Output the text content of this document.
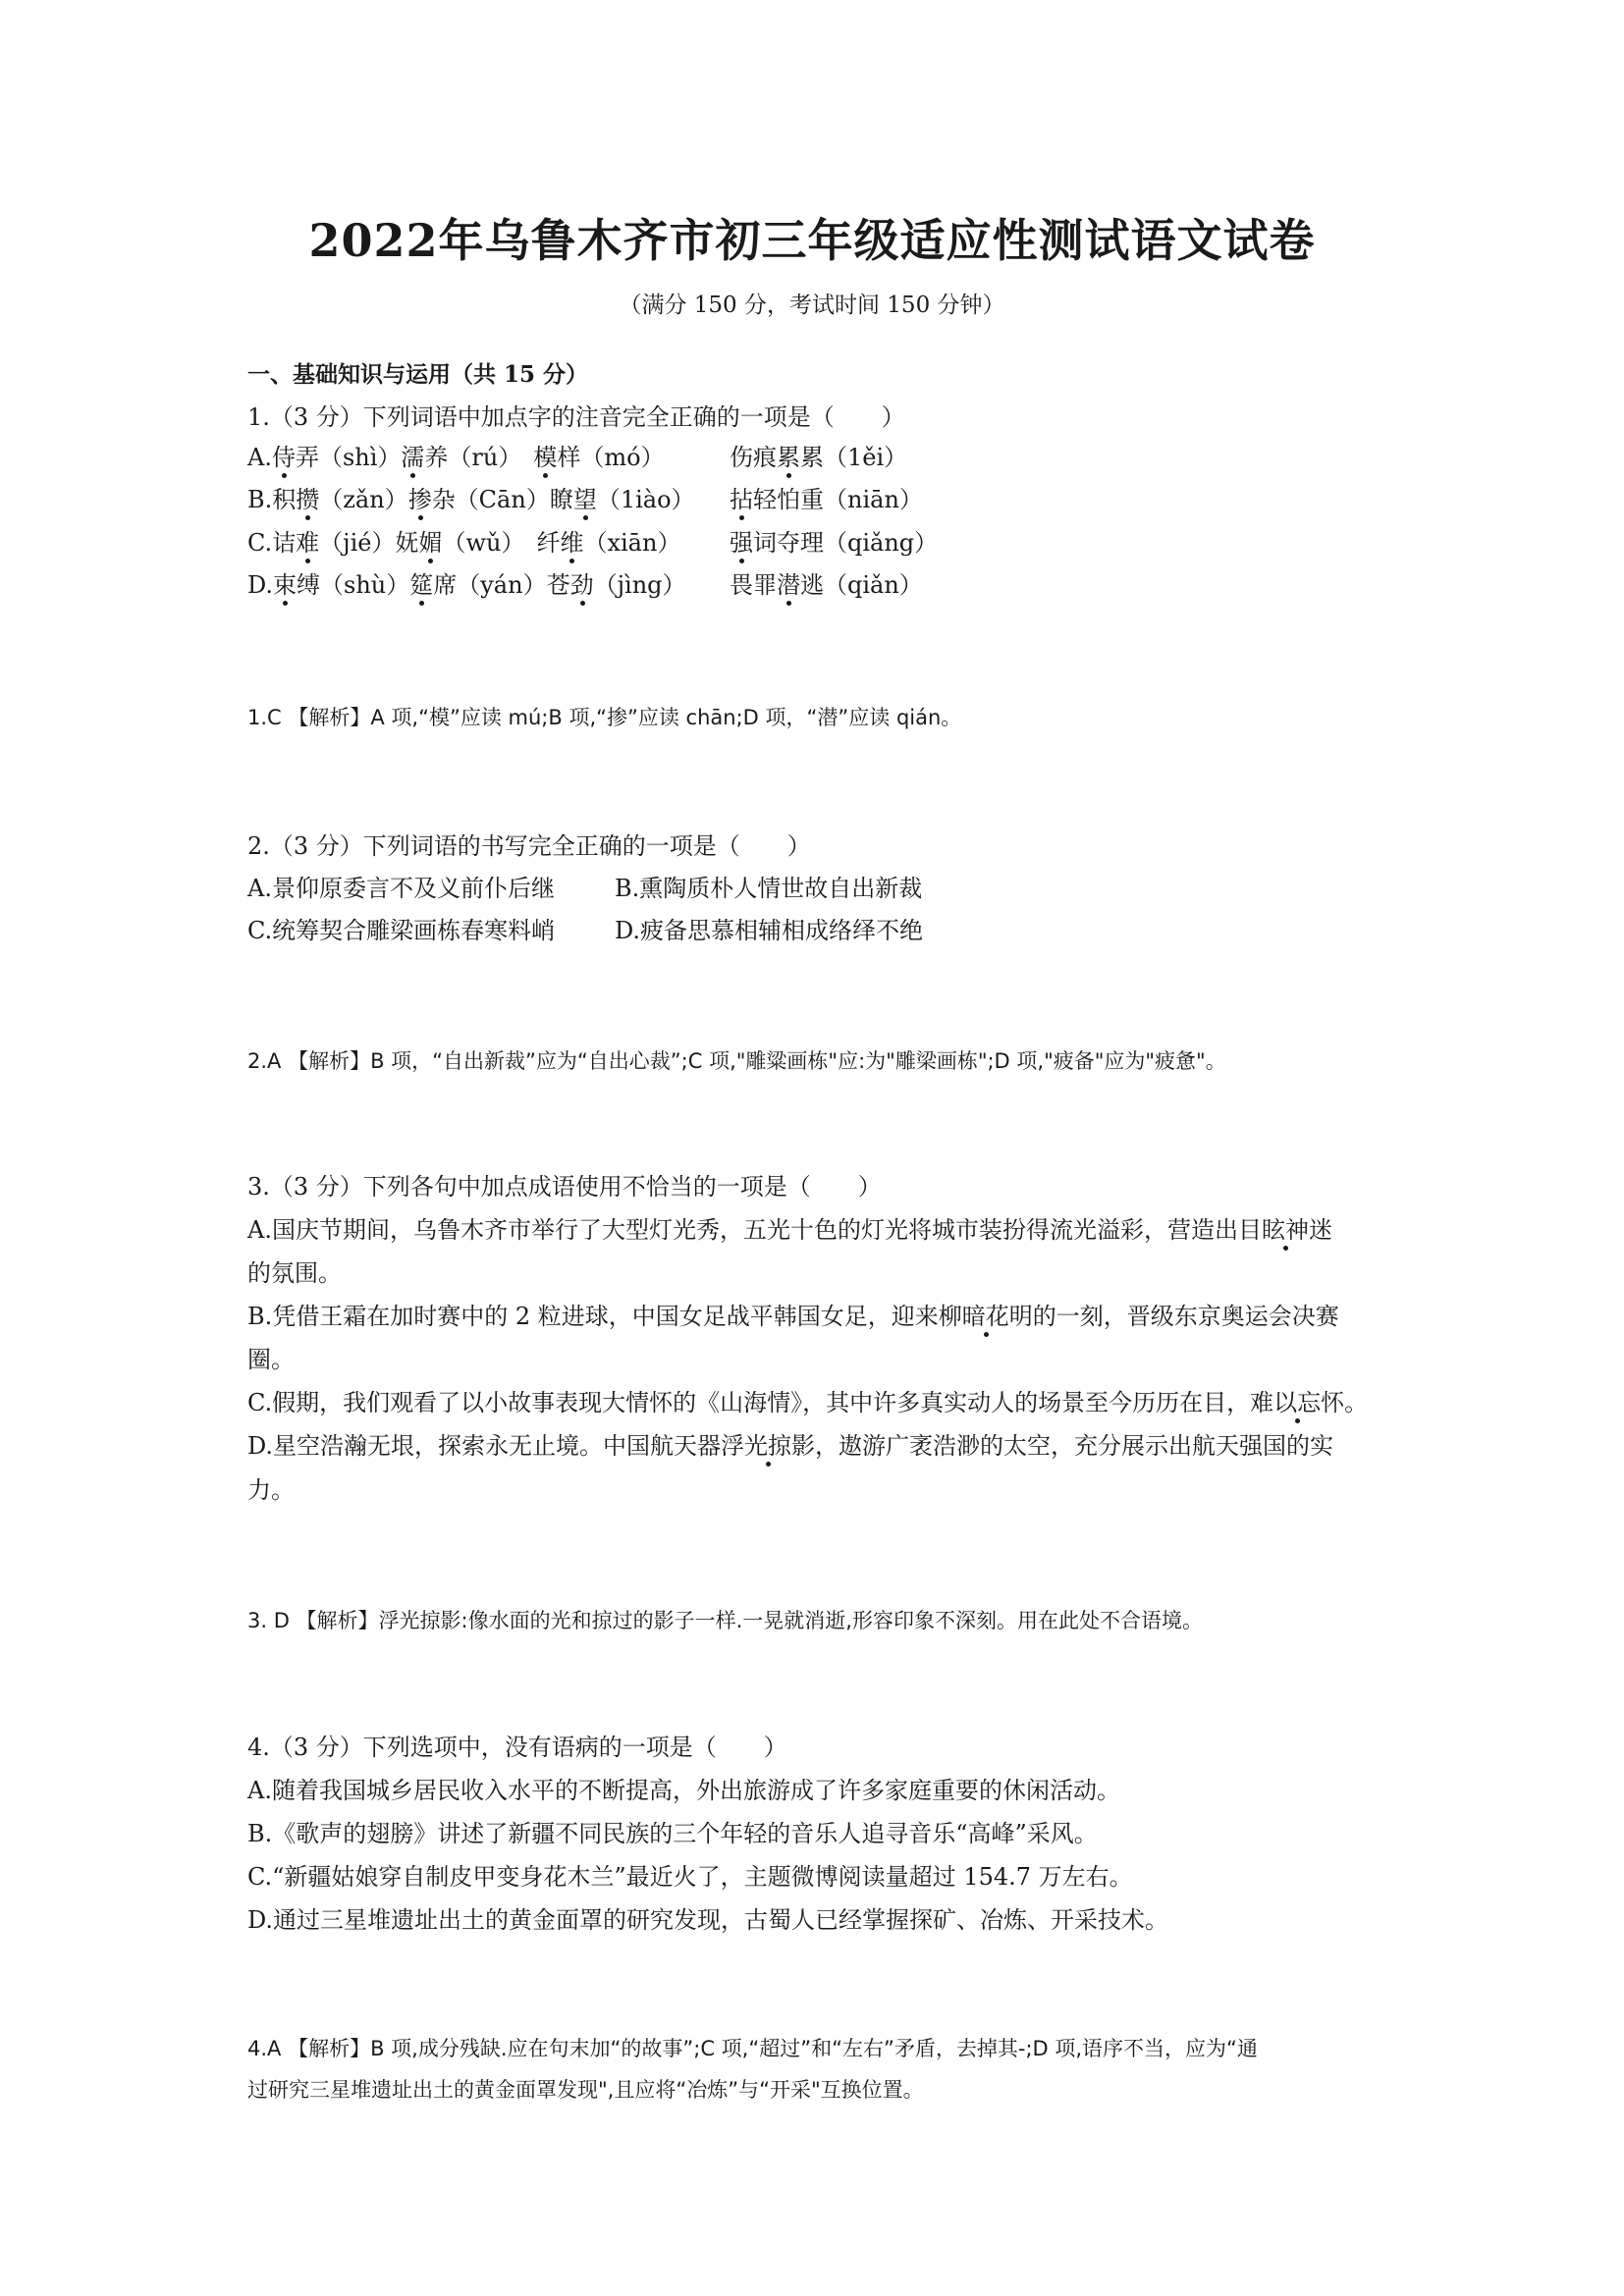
2022年乌鲁木齐市初三年级适应性测试语文试卷
（满分 150 分，考试时间 150 分钟）
一、基础知识与运用（共 15 分）
1.（3 分）下列词语中加点字的注音完全正确的一项是（　　）
A.侍弄（shì）濡养（rú）　模样（mó）	伤痕累累（1ěi）
B.积攒（zǎn）掺杂（Cān）瞭望（1iào） 拈轻怕重（niān）
C.诘难（jié）妩媚（wǔ）　纤维（xiān） 强词夺理（qiǎng）
D.束缚（shù）筵席（yán）苍劲（jìng） 畏罪潜逃（qiǎn）
1.C 【解析】A 项,“模”应读 mú;B 项,“掺”应读 chān;D 项，“潜”应读 qián。
2.（3 分）下列词语的书写完全正确的一项是（　　）
A.景仰原委言不及义前仆后继	B.熏陶质朴人情世故自出新裁
C.统筹契合雕梁画栋春寒料峭	D.疲备思慕相辅相成络绎不绝
2.A 【解析】B 项，“自出新裁”应为“自出心裁”;C 项,"雕粱画栋"应:为"雕梁画栋";D 项,"疲备"应为"疲惫"。
3.（3 分）下列各句中加点成语使用不恰当的一项是（　　）
A.国庆节期间，乌鲁木齐市举行了大型灯光秀，五光十色的灯光将城市装扮得流光溢彩，营造出目眩神迷
的氛围。
B.凭借王霜在加时赛中的 2 粒进球，中国女足战平韩国女足，迎来柳暗花明的一刻，晋级东京奥运会决赛
圈。
C.假期，我们观看了以小故事表现大情怀的《山海情》，其中许多真实动人的场景至今历历在目，难以忘怀。
D.星空浩瀚无垠，探索永无止境。中国航天器浮光掠影，遨游广袤浩渺的太空，充分展示出航天强国的实
力。
3. D 【解析】浮光掠影:像水面的光和掠过的影子一样.一晃就消逝,形容印象不深刻。用在此处不合语境。
4.（3 分）下列选项中，没有语病的一项是（　　）
A.随着我国城乡居民收入水平的不断提高，外出旅游成了许多家庭重要的休闲活动。
B.《歌声的翅膀》讲述了新疆不同民族的三个年轻的音乐人追寻音乐“高峰”采风。
C.“新疆姑娘穿自制皮甲变身花木兰”最近火了，主题微博阅读量超过 154.7 万左右。
D.通过三星堆遗址出土的黄金面罩的研究发现，古蜀人已经掌握探矿、冶炼、开采技术。
4.A 【解析】B 项,成分残缺.应在句末加“的故事”;C 项,“超过”和“左右”矛盾，去掉其-;D 项,语序不当，应为“通
过研究三星堆遗址出土的黄金面罩发现",且应将“冶炼”与“开采"互换位置。
